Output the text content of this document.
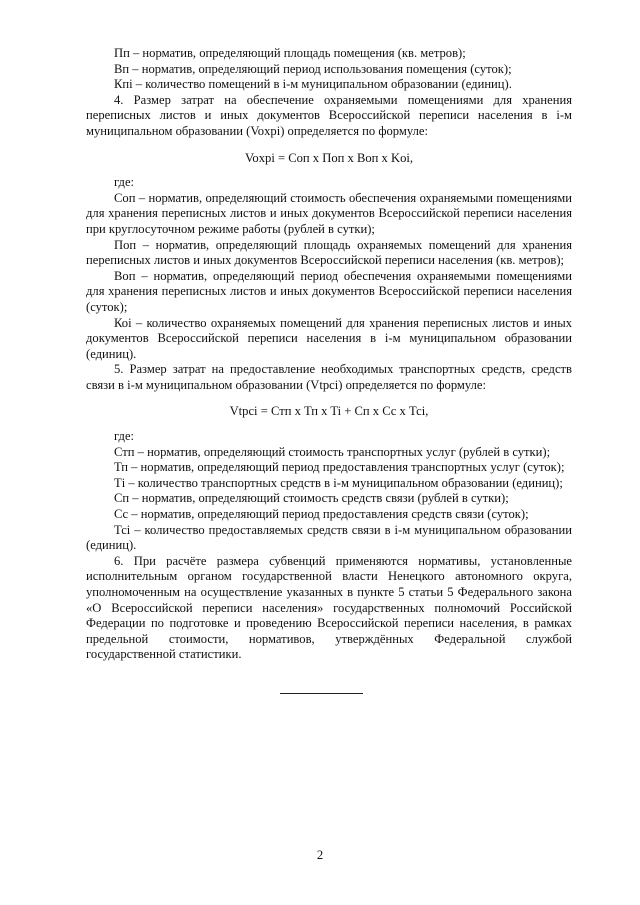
Пп – норматив, определяющий площадь помещения (кв. метров);

Вп – норматив, определяющий период использования помещения (суток);

Кпi – количество помещений в i-м муниципальном образовании (единиц).

4. Размер затрат на обеспечение охраняемыми помещениями для хранения переписных листов и иных документов Всероссийской переписи населения в i-м муниципальном образовании (Voxpi) определяется по формуле:

Voxpi = Coп x Поп x Воп x Koi,

где:

Соп – норматив, определяющий стоимость обеспечения охраняемыми помещениями для хранения переписных листов и иных документов Всероссийской переписи населения при круглосуточном режиме работы (рублей в сутки);

Поп – норматив, определяющий площадь охраняемых помещений для хранения переписных листов и иных документов Всероссийской переписи населения (кв. метров);

Воп – норматив, определяющий период обеспечения охраняемыми помещениями для хранения переписных листов и иных документов Всероссийской переписи населения (суток);

Коi – количество охраняемых помещений для хранения переписных листов и иных документов Всероссийской переписи населения в i-м муниципальном образовании (единиц).

5. Размер затрат на предоставление необходимых транспортных средств, средств связи в i-м муниципальном образовании (Vtpci) определяется по формуле:

Vtpci = Стп x Тп x Ti + Сп x Сс x Тсi,

где:

Стп – норматив, определяющий стоимость транспортных услуг (рублей в сутки);

Тп – норматив, определяющий период предоставления транспортных услуг (суток);

Тi – количество транспортных средств в i-м муниципальном образовании (единиц);

Сп – норматив, определяющий стоимость средств связи (рублей в сутки);

Сс – норматив, определяющий период предоставления средств связи (суток);

Тсi – количество предоставляемых средств связи в i-м муниципальном образовании (единиц).

6. При расчёте размера субвенций применяются нормативы, установленные исполнительным органом государственной власти Ненецкого автономного округа, уполномоченным на осуществление указанных в пункте 5 статьи 5 Федерального закона «О Всероссийской переписи населения» государственных полномочий Российской Федерации по подготовке и проведению Всероссийской переписи населения, в рамках предельной стоимости, нормативов, утверждённых Федеральной службой государственной статистики.

2
